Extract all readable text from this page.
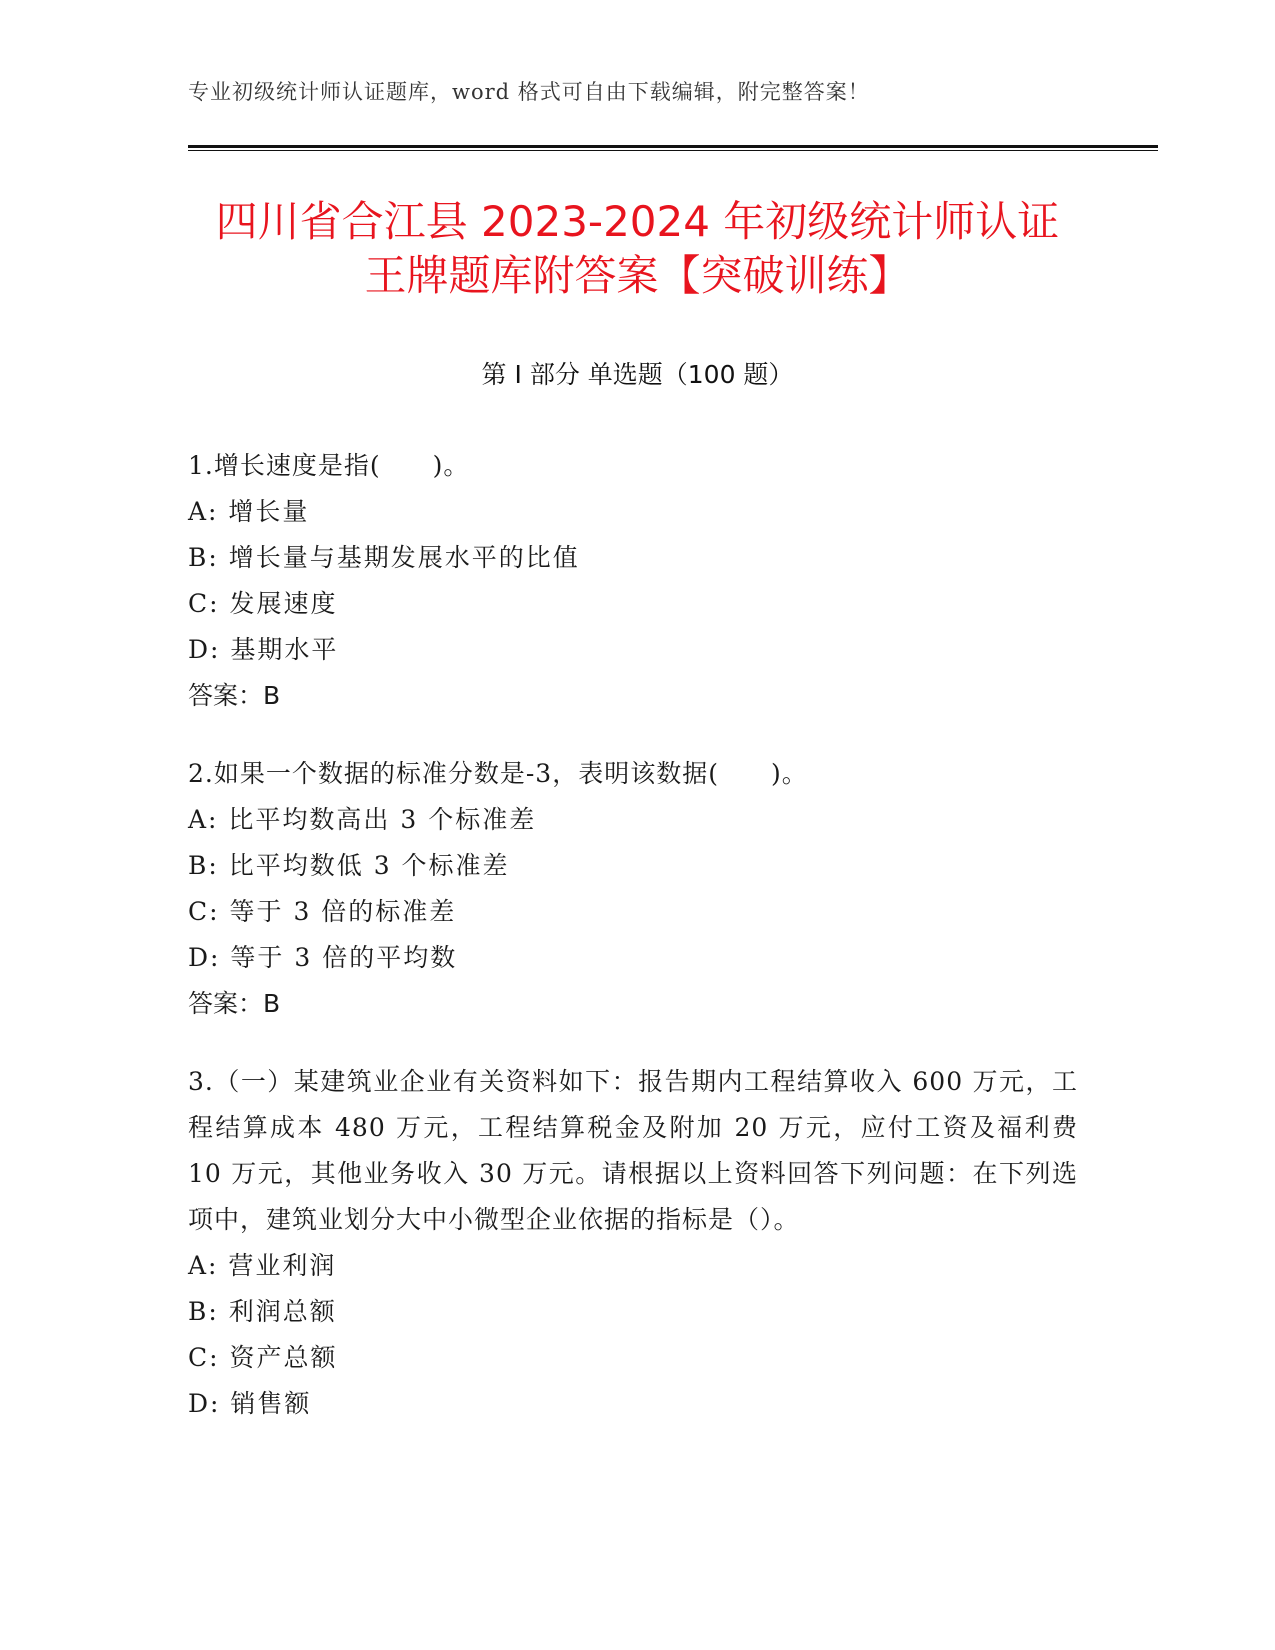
专业初级统计师认证题库，word 格式可自由下载编辑，附完整答案！
四川省合江县 2023-2024 年初级统计师认证
王牌题库附答案【突破训练】
第 I 部分 单选题（100 题）
1.增长速度是指(　　)。
A: 增长量
B: 增长量与基期发展水平的比值
C: 发展速度
D: 基期水平
答案：B
2.如果一个数据的标准分数是-3，表明该数据(　　)。
A: 比平均数高出 3 个标准差
B: 比平均数低 3 个标准差
C: 等于 3 倍的标准差
D: 等于 3 倍的平均数
答案：B
3.（一）某建筑业企业有关资料如下：报告期内工程结算收入 600 万元，工程结算成本 480 万元，工程结算税金及附加 20 万元，应付工资及福利费 10 万元，其他业务收入 30 万元。请根据以上资料回答下列问题：在下列选项中，建筑业划分大中小微型企业依据的指标是（）。
A: 营业利润
B: 利润总额
C: 资产总额
D: 销售额
